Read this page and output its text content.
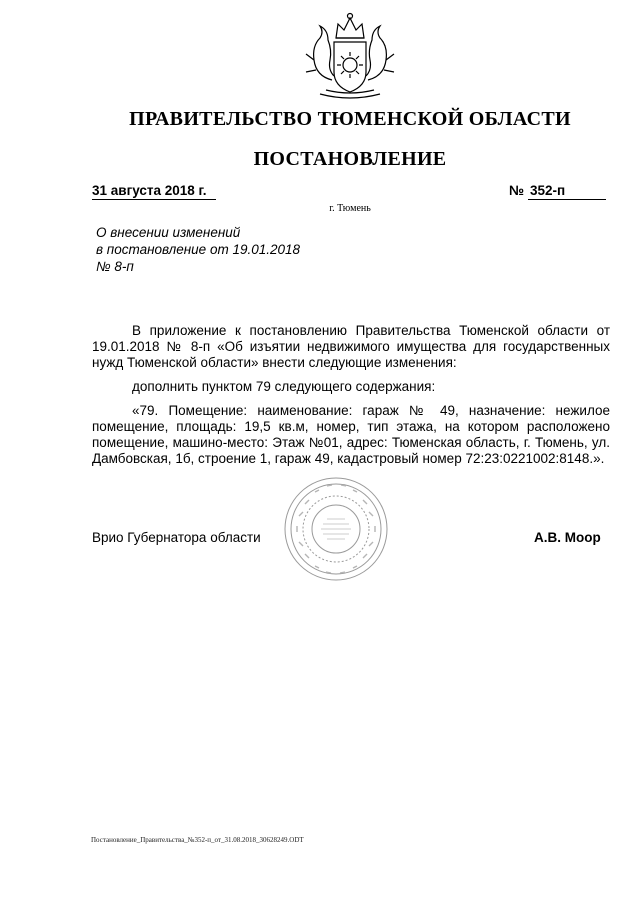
ПРАВИТЕЛЬСТВО ТЮМЕНСКОЙ ОБЛАСТИ
ПОСТАНОВЛЕНИЕ
31 августа 2018 г.	№ 352-п
г. Тюмень
О внесении изменений
в постановление от 19.01.2018
№ 8-п

В приложение к постановлению Правительства Тюменской области от 19.01.2018 № 8-п «Об изъятии недвижимого имущества для государственных нужд Тюменской области» внести следующие изменения:

дополнить пунктом 79 следующего содержания:

«79. Помещение: наименование: гараж № 49, назначение: нежилое помещение, площадь: 19,5 кв.м, номер, тип этажа, на котором расположено помещение, машино-место: Этаж №01, адрес: Тюменская область, г. Тюмень, ул. Дамбовская, 1б, строение 1, гараж 49, кадастровый номер 72:23:0221002:8148.».

Врио Губернатора области	А.В. Моор
Постановление_Правительства_№352-п_от_31.08.2018_30628249.ODT
